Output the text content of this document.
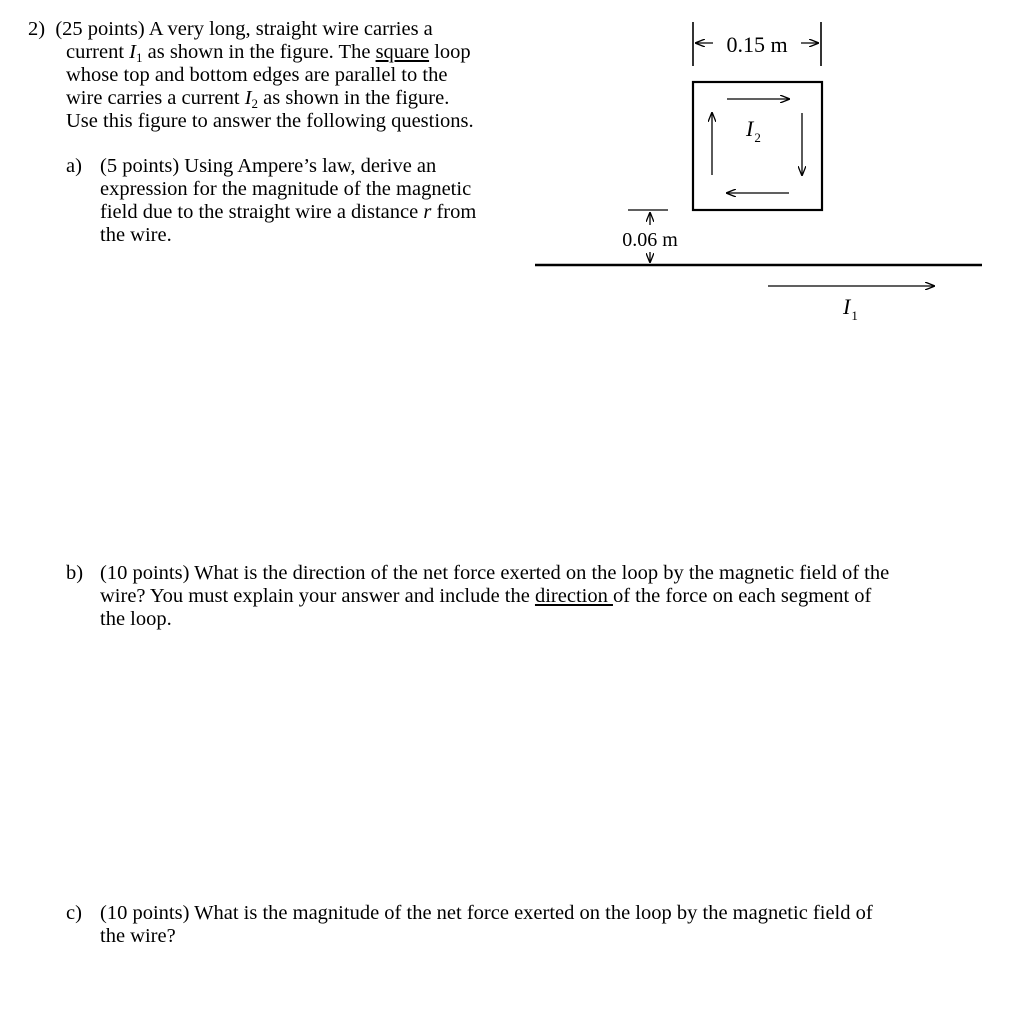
2) (25 points) A very long, straight wire carries a
current $I_1$ as shown in the figure. The square loop
whose top and bottom edges are parallel to the
wire carries a current $I_2$ as shown in the figure.
Use this figure to answer the following questions.
a) (5 points) Using Ampere’s law, derive an
expression for the magnitude of the magnetic
field due to the straight wire a distance r from
the wire.
b) (10 points) What is the direction of the net force exerted on the loop by the magnetic field of the
wire? You must explain your answer and include the direction of the force on each segment of
the loop.
c) (10 points) What is the magnitude of the net force exerted on the loop by the magnetic field of
the wire?
0.15 m
$I_2$
0.06 m
$I_1$
